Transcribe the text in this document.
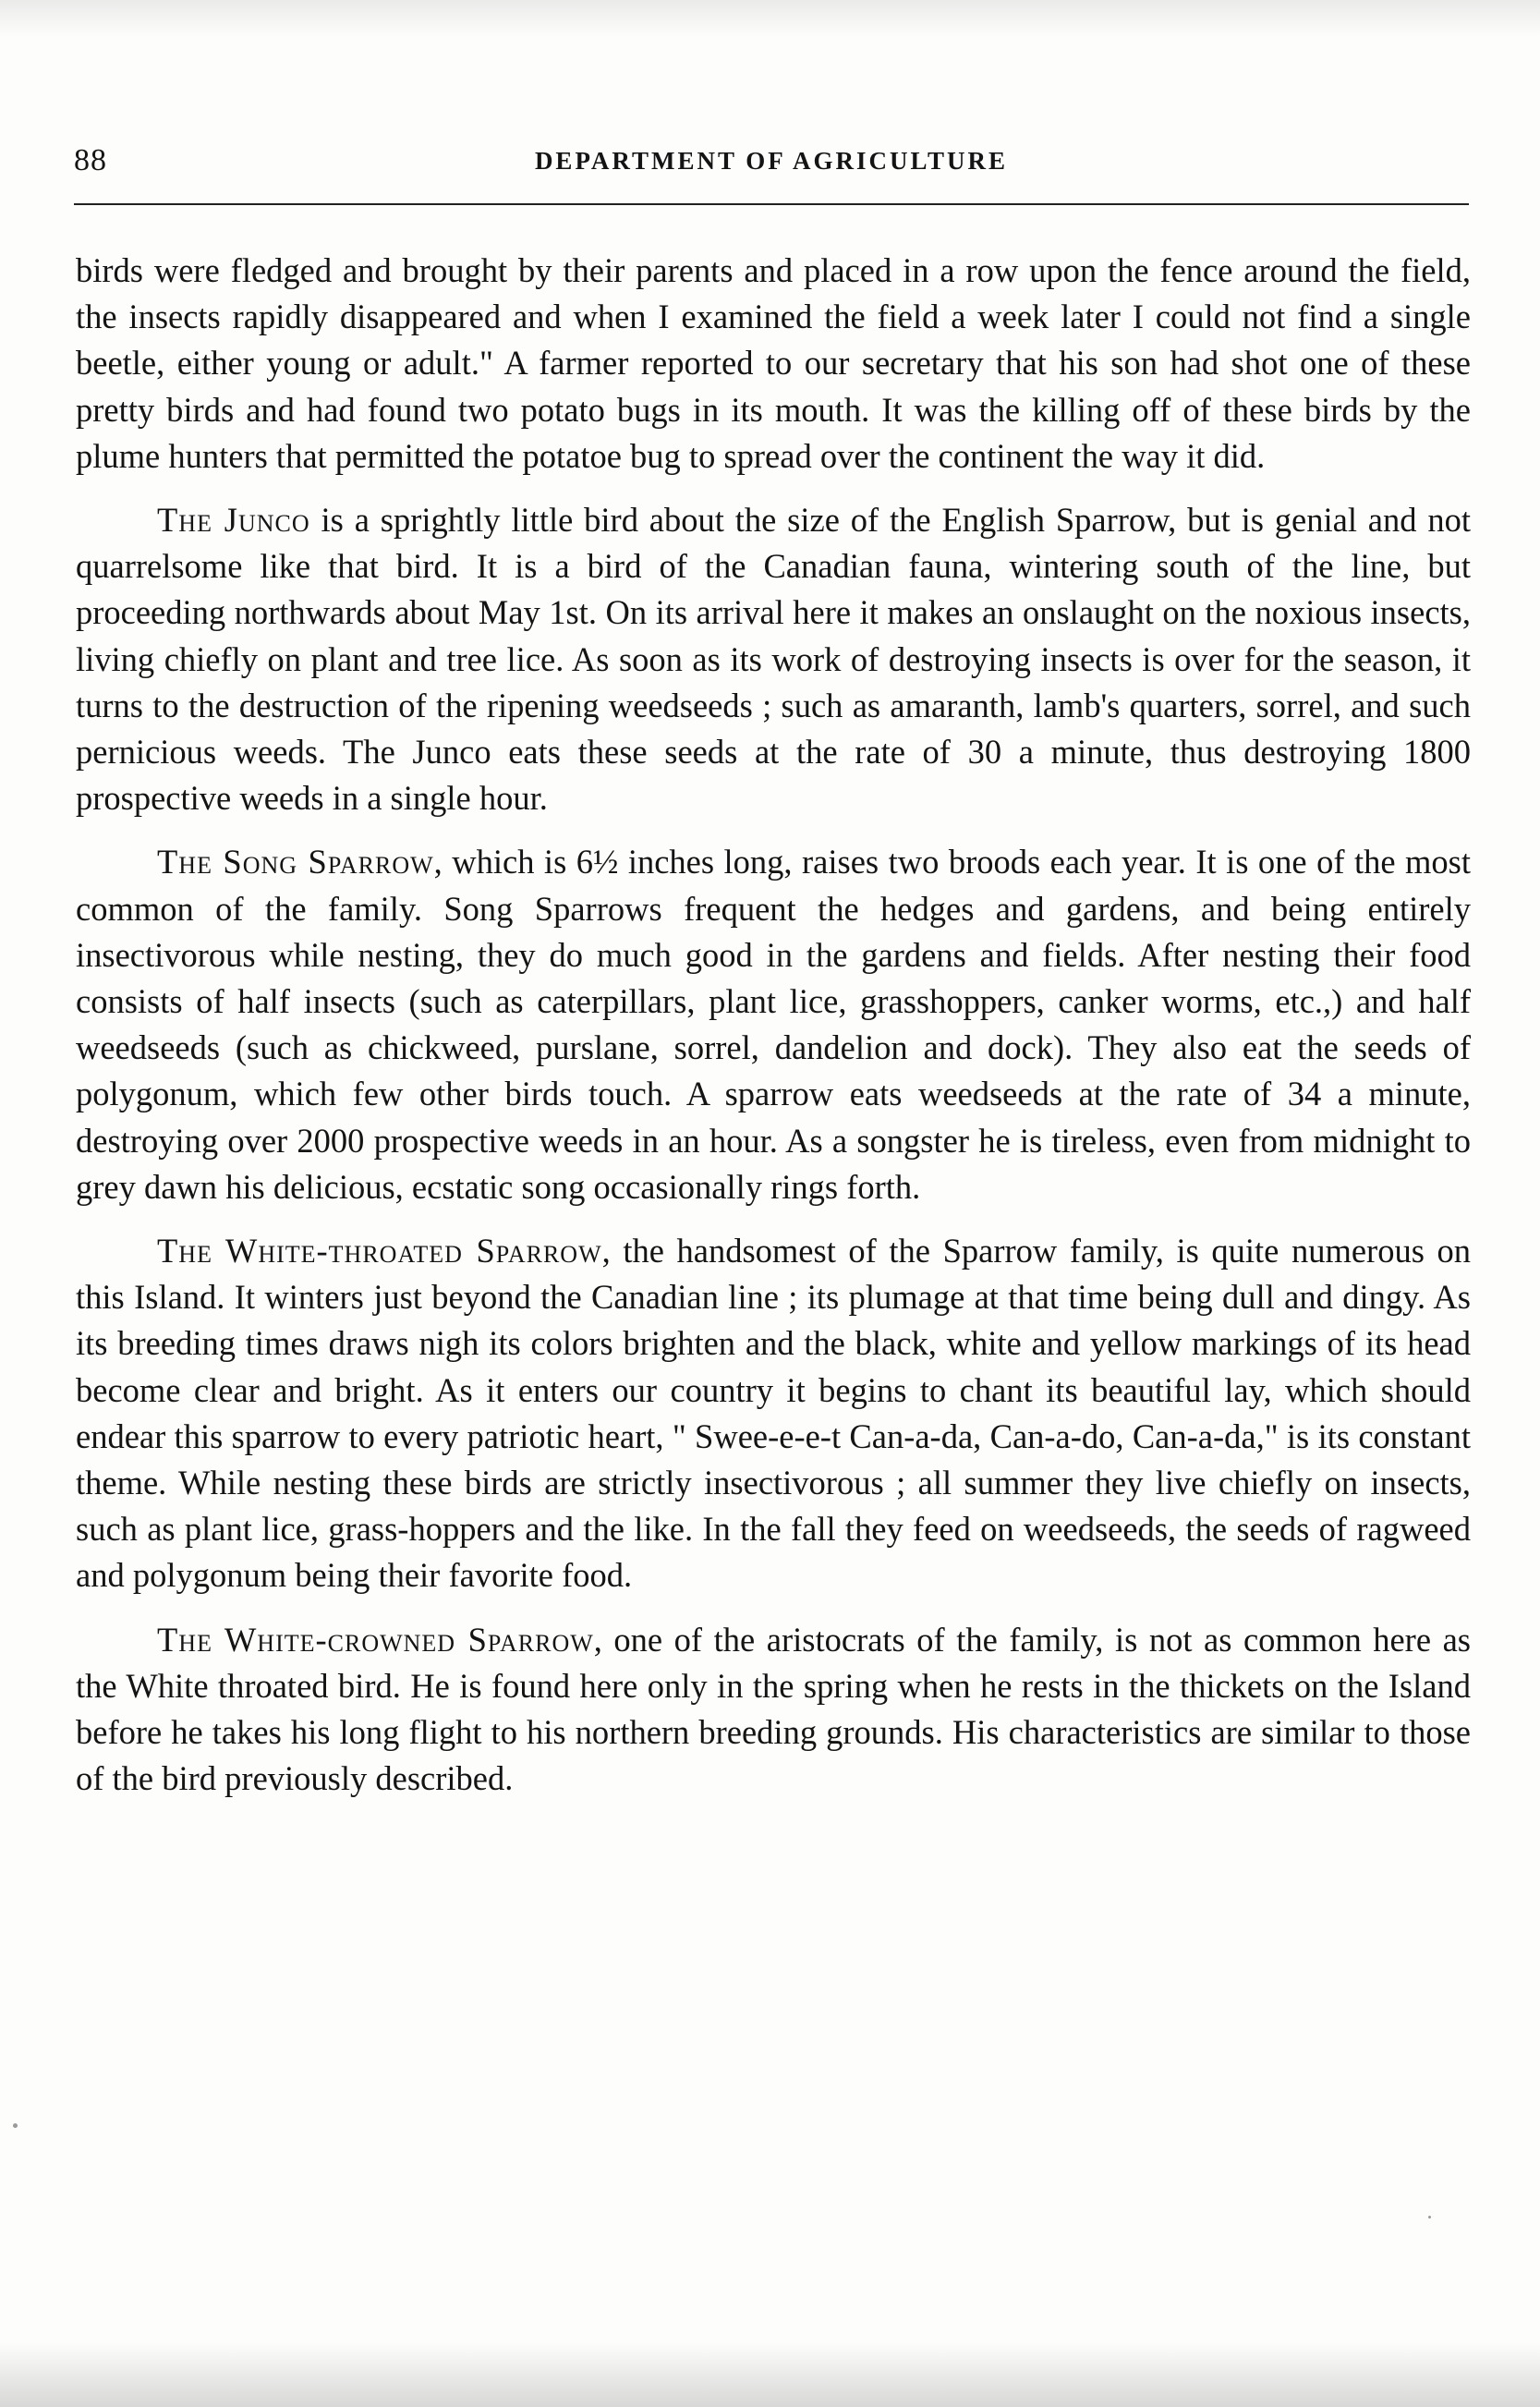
88	DEPARTMENT OF AGRICULTURE

birds were fledged and brought by their parents and placed in a row upon the fence around the field, the insects rapidly disappeared and when I examined the field a week later I could not find a single beetle, either young or adult." A farmer reported to our secretary that his son had shot one of these pretty birds and had found two potato bugs in its mouth. It was the killing off of these birds by the plume hunters that permitted the potatoe bug to spread over the continent the way it did.

The Junco is a sprightly little bird about the size of the English Sparrow, but is genial and not quarrelsome like that bird. It is a bird of the Canadian fauna, wintering south of the line, but proceeding northwards about May 1st. On its arrival here it makes an onslaught on the noxious insects, living chiefly on plant and tree lice. As soon as its work of destroying insects is over for the season, it turns to the destruction of the ripening weedseeds ; such as amaranth, lamb's quarters, sorrel, and such pernicious weeds. The Junco eats these seeds at the rate of 30 a minute, thus destroying 1800 prospective weeds in a single hour.

The Song Sparrow, which is 6½ inches long, raises two broods each year. It is one of the most common of the family. Song Sparrows frequent the hedges and gardens, and being entirely insectivorous while nesting, they do much good in the gardens and fields. After nesting their food consists of half insects (such as caterpillars, plant lice, grasshoppers, canker worms, etc.,) and half weedseeds (such as chickweed, purslane, sorrel, dandelion and dock). They also eat the seeds of polygonum, which few other birds touch. A sparrow eats weedseeds at the rate of 34 a minute, destroying over 2000 prospective weeds in an hour. As a songster he is tireless, even from midnight to grey dawn his delicious, ecstatic song occasionally rings forth.

The White-throated Sparrow, the handsomest of the Sparrow family, is quite numerous on this Island. It winters just beyond the Canadian line ; its plumage at that time being dull and dingy. As its breeding times draws nigh its colors brighten and the black, white and yellow markings of its head become clear and bright. As it enters our country it begins to chant its beautiful lay, which should endear this sparrow to every patriotic heart, " Swee-e-e-t Can-a-da, Can-a-do, Can-a-da," is its constant theme. While nesting these birds are strictly insectivorous ; all summer they live chiefly on insects, such as plant lice, grass-hoppers and the like. In the fall they feed on weedseeds, the seeds of ragweed and polygonum being their favorite food.

The White-crowned Sparrow, one of the aristocrats of the family, is not as common here as the White throated bird. He is found here only in the spring when he rests in the thickets on the Island before he takes his long flight to his northern breeding grounds. His characteristics are similar to those of the bird previously described.
